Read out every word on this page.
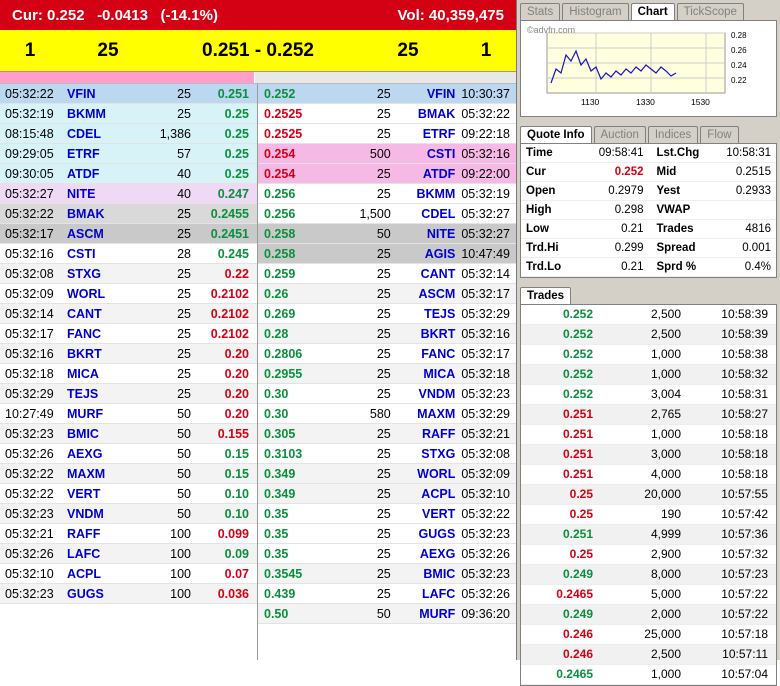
Cur: 0.252 -0.0413 (-14.1%)	Vol: 40,359,475
1	25	0.251 - 0.252	25	1
05:32:22	VFIN	25	0.251
05:32:19	BKMM	25	0.25
08:15:48	CDEL	1,386	0.25
09:29:05	ETRF	57	0.25
09:30:05	ATDF	40	0.25
05:32:27	NITE	40	0.247
05:32:22	BMAK	25	0.2455
05:32:17	ASCM	25	0.2451
05:32:16	CSTI	28	0.245
05:32:08	STXG	25	0.22
05:32:09	WORL	25	0.2102
05:32:14	CANT	25	0.2102
05:32:17	FANC	25	0.2102
05:32:16	BKRT	25	0.20
05:32:18	MICA	25	0.20
05:32:29	TEJS	25	0.20
10:27:49	MURF	50	0.20
05:32:23	BMIC	50	0.155
05:32:26	AEXG	50	0.15
05:32:22	MAXM	50	0.15
05:32:22	VERT	50	0.10
05:32:23	VNDM	50	0.10
05:32:21	RAFF	100	0.099
05:32:26	LAFC	100	0.09
05:32:10	ACPL	100	0.07
05:32:23	GUGS	100	0.036
0.252	25	VFIN 10:30:37
0.2525	25	BMAK 05:32:22
0.2525	25	ETRF 09:22:18
0.254	500	CSTI 05:32:16
0.254	25	ATDF 09:22:00
0.256	25	BKMM 05:32:19
0.256	1,500	CDEL 05:32:27
0.258	50	NITE 05:32:27
0.258	25	AGIS 10:47:49
0.259	25	CANT 05:32:14
0.26	25	ASCM 05:32:17
0.269	25	TEJS 05:32:29
0.28	25	BKRT 05:32:16
0.2806	25	FANC 05:32:17
0.2955	25	MICA 05:32:18
0.30	25	VNDM 05:32:23
0.30	580	MAXM 05:32:29
0.305	25	RAFF 05:32:21
0.3103	25	STXG 05:32:08
0.349	25	WORL 05:32:09
0.349	25	ACPL 05:32:10
0.35	25	VERT 05:32:22
0.35	25	GUGS 05:32:23
0.35	25	AEXG 05:32:26
0.3545	25	BMIC 05:32:23
0.439	25	LAFC 05:32:26
0.50	50	MURF 09:36:20
Stats	Histogram	Chart	TickScope
©advfn.com
0.28
0.26
0.24
0.22
1130	1330	1530
Quote Info	Auction	Indices	Flow
Time	09:58:41	Lst.Chg	10:58:31
Cur	0.252	Mid	0.2515
Open	0.2979	Yest	0.2933
High	0.298	VWAP	
Low	0.21	Trades	4816
Trd.Hi	0.299	Spread	0.001
Trd.Lo	0.21	Sprd %	0.4%
Trades
0.252	2,500	10:58:39
0.252	2,500	10:58:39
0.252	1,000	10:58:38
0.252	1,000	10:58:32
0.252	3,004	10:58:31
0.251	2,765	10:58:27
0.251	1,000	10:58:18
0.251	3,000	10:58:18
0.251	4,000	10:58:18
0.25	20,000	10:57:55
0.25	190	10:57:42
0.251	4,999	10:57:36
0.25	2,900	10:57:32
0.249	8,000	10:57:23
0.2465	5,000	10:57:22
0.249	2,000	10:57:22
0.246	25,000	10:57:18
0.246	2,500	10:57:11
0.2465	1,000	10:57:04
